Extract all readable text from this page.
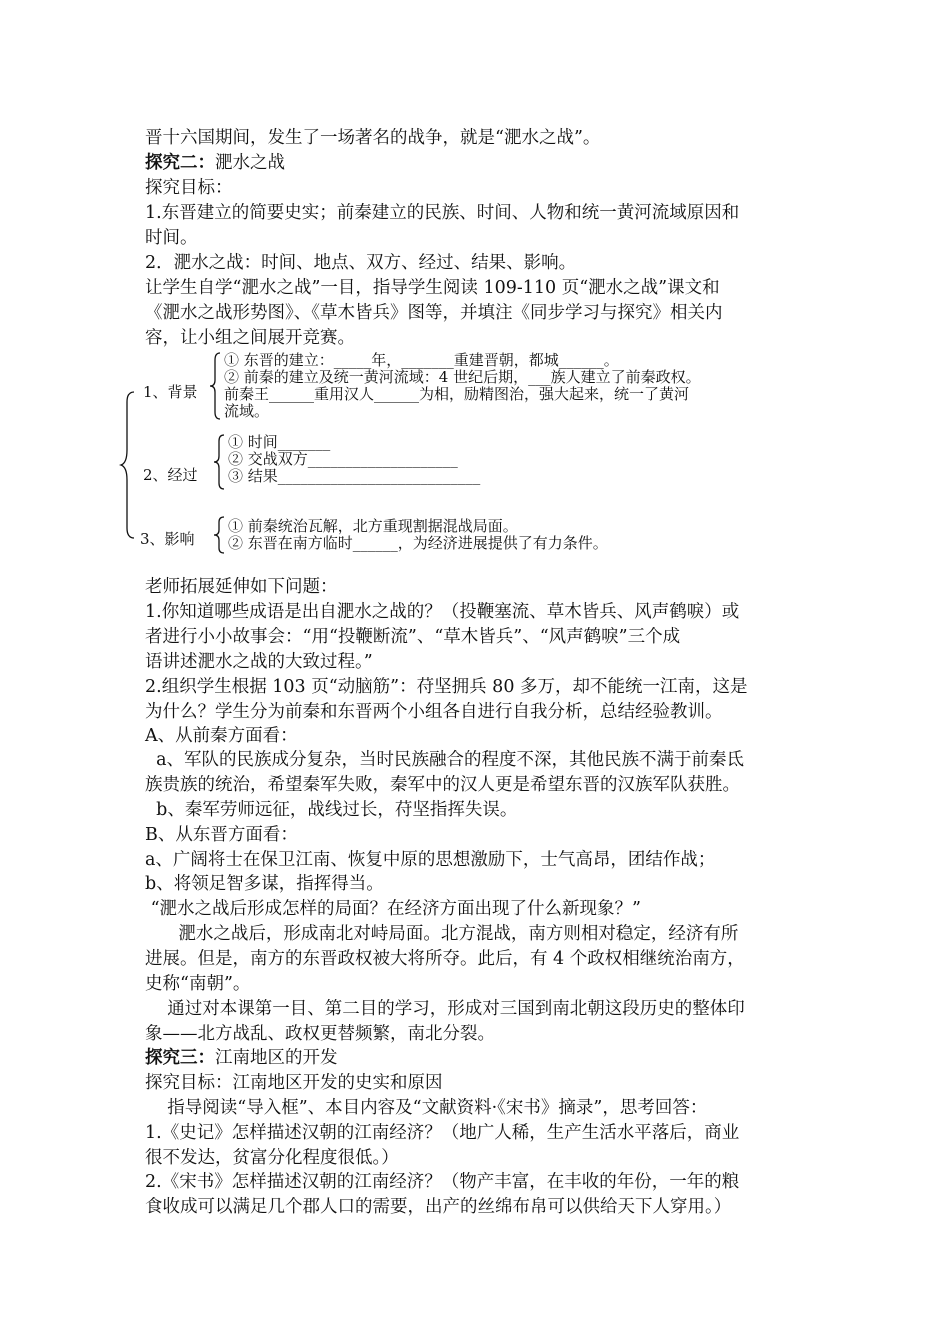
晋十六国期间，发生了一场著名的战争，就是“淝水之战”。
探究二：淝水之战
探究目标：
1.东晋建立的简要史实；前秦建立的民族、时间、人物和统一黄河流域原因和
时间。
2．淝水之战：时间、地点、双方、经过、结果、影响。
让学生自学“淝水之战”一目，指导学生阅读 109-110 页“淝水之战”课文和
《淝水之战形势图》、《草木皆兵》图等，并填注《同步学习与探究》相关内
容，让小组之间展开竞赛。
1、背景
① 东晋的建立：_____年，_______重建晋朝，都城______。
② 前秦的建立及统一黄河流域：4 世纪后期，___族人建立了前秦政权。
前秦王______重用汉人______为相，励精图治，强大起来，统一了黄河
流域。
2、经过
① 时间_______
② 交战双方____________________
③ 结果___________________________
3、影响
① 前秦统治瓦解，北方重现割据混战局面。
② 东晋在南方临时______，为经济进展提供了有力条件。
老师拓展延伸如下问题：
1.你知道哪些成语是出自淝水之战的？（投鞭塞流、草木皆兵、风声鹤唳）或
者进行小小故事会：“用“投鞭断流”、“草木皆兵”、“风声鹤唳”三个成
语讲述淝水之战的大致过程。”
2.组织学生根据 103 页“动脑筋”：苻坚拥兵 80 多万，却不能统一江南，这是
为什么？学生分为前秦和东晋两个小组各自进行自我分析，总结经验教训。
A、从前秦方面看：
a、军队的民族成分复杂，当时民族融合的程度不深，其他民族不满于前秦氐
族贵族的统治，希望秦军失败，秦军中的汉人更是希望东晋的汉族军队获胜。
b、秦军劳师远征，战线过长，苻坚指挥失误。
B、从东晋方面看：
a、广阔将士在保卫江南、恢复中原的思想激励下，士气高昂，团结作战；
b、将领足智多谋，指挥得当。
“淝水之战后形成怎样的局面？在经济方面出现了什么新现象？”
淝水之战后，形成南北对峙局面。北方混战，南方则相对稳定，经济有所
进展。但是，南方的东晋政权被大将所夺。此后，有 4 个政权相继统治南方，
史称“南朝”。
通过对本课第一目、第二目的学习，形成对三国到南北朝这段历史的整体印
象——北方战乱、政权更替频繁，南北分裂。
探究三：江南地区的开发
探究目标：江南地区开发的史实和原因
指导阅读“导入框”、本目内容及“文献资料·《宋书》摘录”，思考回答：
1.《史记》怎样描述汉朝的江南经济？（地广人稀，生产生活水平落后，商业
很不发达，贫富分化程度很低。）
2.《宋书》怎样描述汉朝的江南经济？（物产丰富，在丰收的年份，一年的粮
食收成可以满足几个郡人口的需要，出产的丝绵布帛可以供给天下人穿用。）
